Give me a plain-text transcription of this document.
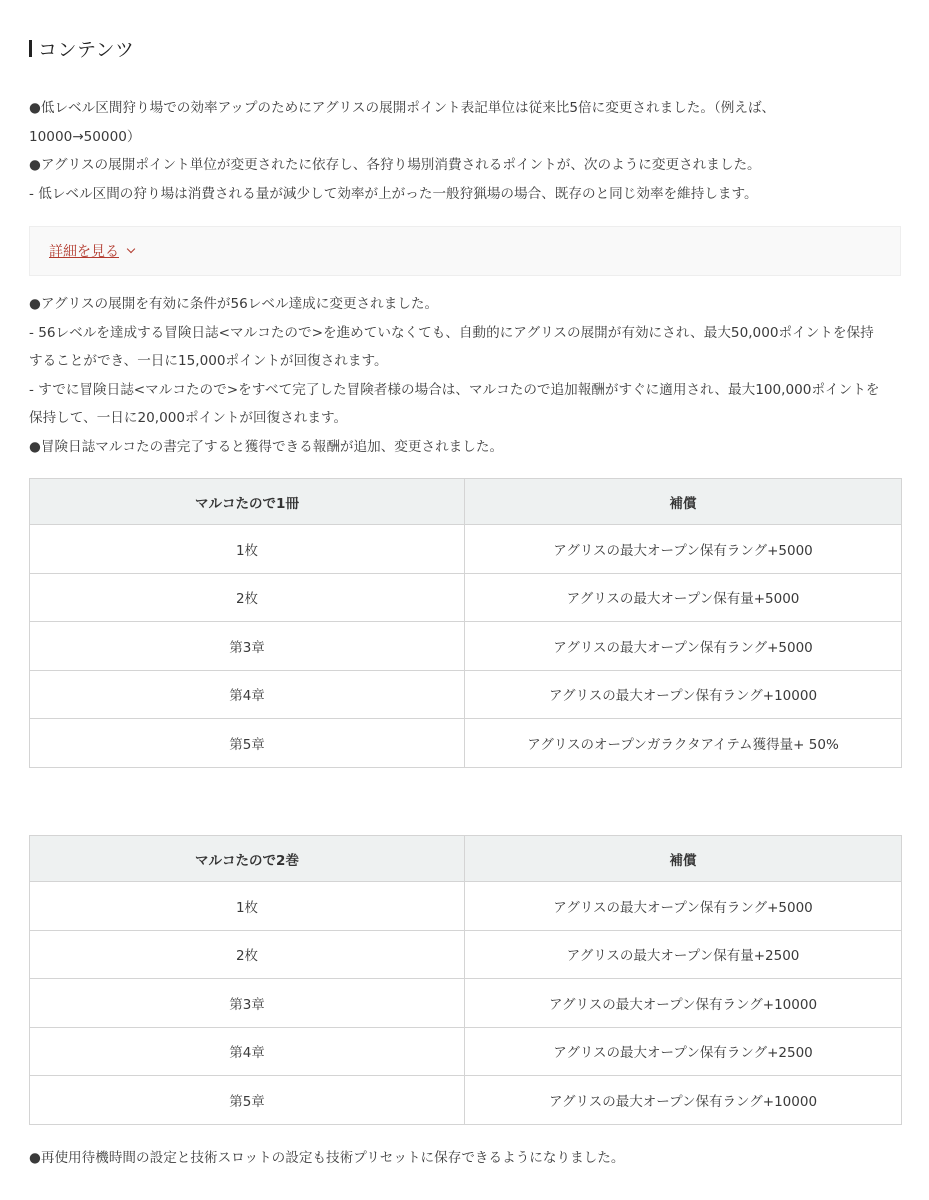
コンテンツ
●低レベル区間狩り場での効率アップのためにアグリスの展開ポイント表記単位は従来比5倍に変更されました。（例えば、
10000→50000）
●アグリスの展開ポイント単位が変更されたに依存し、各狩り場別消費されるポイントが、次のように変更されました。
- 低レベル区間の狩り場は消費される量が減少して効率が上がった一般狩猟場の場合、既存のと同じ効率を維持します。
詳細を見る
●アグリスの展開を有効に条件が56レベル達成に変更されました。
- 56レベルを達成する冒険日誌<マルコたので>を進めていなくても、自動的にアグリスの展開が有効にされ、最大50,000ポイントを保持
することができ、一日に15,000ポイントが回復されます。
- すでに冒険日誌<マルコたので>をすべて完了した冒険者様の場合は、マルコたので追加報酬がすぐに適用され、最大100,000ポイントを
保持して、一日に20,000ポイントが回復されます。
●冒険日誌マルコたの書完了すると獲得できる報酬が追加、変更されました。
マルコたので1冊	補償
1枚	アグリスの最大オープン保有ラング+5000
2枚	アグリスの最大オープン保有量+5000
第3章	アグリスの最大オープン保有ラング+5000
第4章	アグリスの最大オープン保有ラング+10000
第5章	アグリスのオープンガラクタアイテム獲得量+ 50%
マルコたので2巻	補償
1枚	アグリスの最大オープン保有ラング+5000
2枚	アグリスの最大オープン保有量+2500
第3章	アグリスの最大オープン保有ラング+10000
第4章	アグリスの最大オープン保有ラング+2500
第5章	アグリスの最大オープン保有ラング+10000
●再使用待機時間の設定と技術スロットの設定も技術プリセットに保存できるようになりました。
